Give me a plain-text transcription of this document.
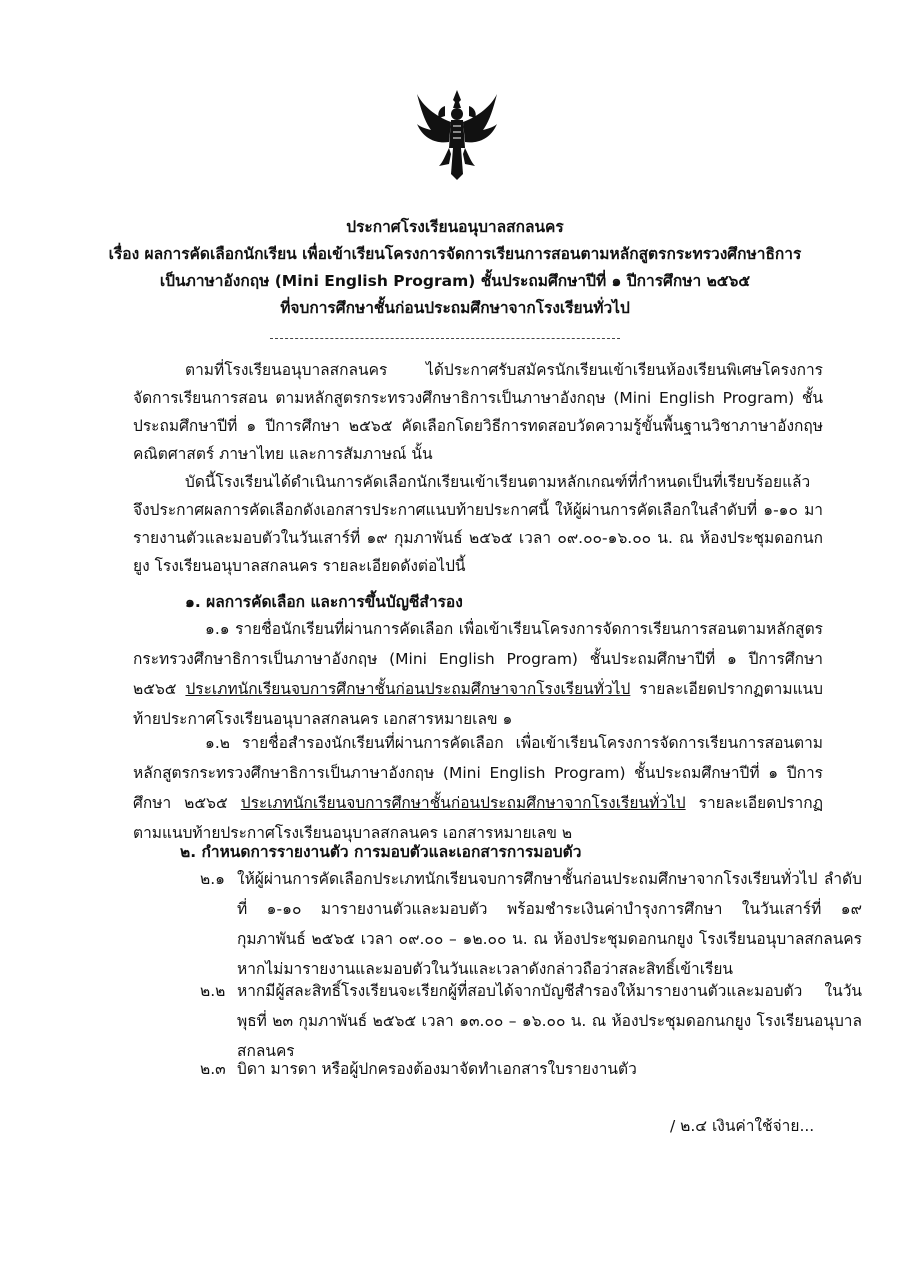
ประกาศโรงเรียนอนุบาลสกลนคร
เรื่อง ผลการคัดเลือกนักเรียน เพื่อเข้าเรียนโครงการจัดการเรียนการสอนตามหลักสูตรกระทรวงศึกษาธิการ
เป็นภาษาอังกฤษ (Mini English Program) ชั้นประถมศึกษาปีที่ ๑ ปีการศึกษา ๒๕๖๕
ที่จบการศึกษาชั้นก่อนประถมศึกษาจากโรงเรียนทั่วไป
ตามที่โรงเรียนอนุบาลสกลนคร ได้ประกาศรับสมัครนักเรียนเข้าเรียนห้องเรียนพิเศษโครงการจัดการเรียนการสอน ตามหลักสูตรกระทรวงศึกษาธิการเป็นภาษาอังกฤษ (Mini English Program) ชั้นประถมศึกษาปีที่ ๑ ปีการศึกษา ๒๕๖๕ คัดเลือกโดยวิธีการทดสอบวัดความรู้ขั้นพื้นฐานวิชาภาษาอังกฤษ คณิตศาสตร์ ภาษาไทย และการสัมภาษณ์ นั้น
บัดนี้โรงเรียนได้ดำเนินการคัดเลือกนักเรียนเข้าเรียนตามหลักเกณฑ์ที่กำหนดเป็นที่เรียบร้อยแล้ว จึงประกาศผลการคัดเลือกดังเอกสารประกาศแนบท้ายประกาศนี้ ให้ผู้ผ่านการคัดเลือกในลำดับที่ ๑-๑๐ มารายงานตัวและมอบตัวในวันเสาร์ที่ ๑๙ กุมภาพันธ์ ๒๕๖๕ เวลา ๐๙.๐๐-๑๖.๐๐ น. ณ ห้องประชุมดอกนกยูง โรงเรียนอนุบาลสกลนคร รายละเอียดดังต่อไปนี้
๑. ผลการคัดเลือก และการขึ้นบัญชีสำรอง
๑.๑ รายชื่อนักเรียนที่ผ่านการคัดเลือก เพื่อเข้าเรียนโครงการจัดการเรียนการสอนตามหลักสูตรกระทรวงศึกษาธิการเป็นภาษาอังกฤษ (Mini English Program) ชั้นประถมศึกษาปีที่ ๑ ปีการศึกษา ๒๕๖๕ ประเภทนักเรียนจบการศึกษาชั้นก่อนประถมศึกษาจากโรงเรียนทั่วไป รายละเอียดปรากฏตามแนบท้ายประกาศโรงเรียนอนุบาลสกลนคร เอกสารหมายเลข ๑
๑.๒ รายชื่อสำรองนักเรียนที่ผ่านการคัดเลือก เพื่อเข้าเรียนโครงการจัดการเรียนการสอนตามหลักสูตรกระทรวงศึกษาธิการเป็นภาษาอังกฤษ (Mini English Program) ชั้นประถมศึกษาปีที่ ๑ ปีการศึกษา ๒๕๖๕ ประเภทนักเรียนจบการศึกษาชั้นก่อนประถมศึกษาจากโรงเรียนทั่วไป รายละเอียดปรากฏตามแนบท้ายประกาศโรงเรียนอนุบาลสกลนคร เอกสารหมายเลข ๒
๒. กำหนดการรายงานตัว การมอบตัวและเอกสารการมอบตัว
๒.๑ ให้ผู้ผ่านการคัดเลือกประเภทนักเรียนจบการศึกษาชั้นก่อนประถมศึกษาจากโรงเรียนทั่วไป ลำดับที่ ๑-๑๐ มารายงานตัวและมอบตัว พร้อมชำระเงินค่าบำรุงการศึกษา ในวันเสาร์ที่ ๑๙ กุมภาพันธ์ ๒๕๖๕ เวลา ๐๙.๐๐ – ๑๒.๐๐ น. ณ ห้องประชุมดอกนกยูง โรงเรียนอนุบาลสกลนคร หากไม่มารายงานและมอบตัวในวันและเวลาดังกล่าวถือว่าสละสิทธิ์เข้าเรียน
๒.๒ หากมีผู้สละสิทธิ์โรงเรียนจะเรียกผู้ที่สอบได้จากบัญชีสำรองให้มารายงานตัวและมอบตัว ในวันพุธที่ ๒๓ กุมภาพันธ์ ๒๕๖๕ เวลา ๑๓.๐๐ – ๑๖.๐๐ น. ณ ห้องประชุมดอกนกยูง โรงเรียนอนุบาลสกลนคร
๒.๓ บิดา มารดา หรือผู้ปกครองต้องมาจัดทำเอกสารใบรายงานตัว
/ ๒.๔ เงินค่าใช้จ่าย...
